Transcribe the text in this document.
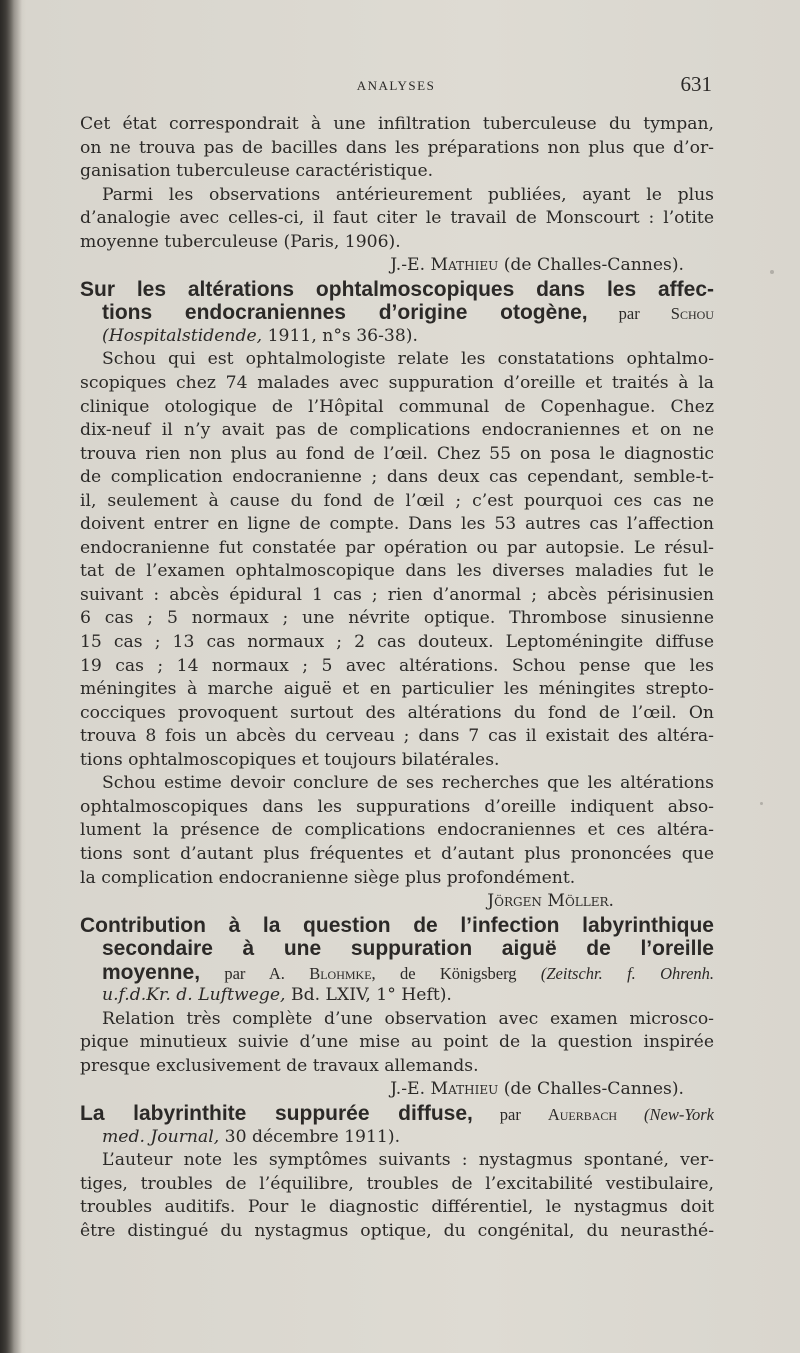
ANALYSES	631
Cet état correspondrait à une infiltration tuberculeuse du tympan,
on ne trouva pas de bacilles dans les préparations non plus que d’or-
ganisation tuberculeuse caractéristique.
Parmi les observations antérieurement publiées, ayant le plus
d’analogie avec celles-ci, il faut citer le travail de Monscourt : l’otite
moyenne tuberculeuse (Paris, 1906).
J.-E. Mathieu (de Challes-Cannes).
Sur les altérations ophtalmoscopiques dans les affec-
tions endocraniennes d’origine otogène, par Schou
(Hospitalstidende, 1911, n°s 36-38).
Schou qui est ophtalmologiste relate les constatations ophtalmo-
scopiques chez 74 malades avec suppuration d’oreille et traités à la
clinique otologique de l’Hôpital communal de Copenhague. Chez
dix-neuf il n’y avait pas de complications endocraniennes et on ne
trouva rien non plus au fond de l’œil. Chez 55 on posa le diagnostic
de complication endocranienne ; dans deux cas cependant, semble-t-
il, seulement à cause du fond de l’œil ; c’est pourquoi ces cas ne
doivent entrer en ligne de compte. Dans les 53 autres cas l’affection
endocranienne fut constatée par opération ou par autopsie. Le résul-
tat de l’examen ophtalmoscopique dans les diverses maladies fut le
suivant : abcès épidural 1 cas ; rien d’anormal ; abcès périsinusien
6 cas ; 5 normaux ; une névrite optique. Thrombose sinusienne
15 cas ; 13 cas normaux ; 2 cas douteux. Leptoméningite diffuse
19 cas ; 14 normaux ; 5 avec altérations. Schou pense que les
méningites à marche aiguë et en particulier les méningites strepto-
cocciques provoquent surtout des altérations du fond de l’œil. On
trouva 8 fois un abcès du cerveau ; dans 7 cas il existait des altéra-
tions ophtalmoscopiques et toujours bilatérales.
Schou estime devoir conclure de ses recherches que les altérations
ophtalmoscopiques dans les suppurations d’oreille indiquent abso-
lument la présence de complications endocraniennes et ces altéra-
tions sont d’autant plus fréquentes et d’autant plus prononcées que
la complication endocranienne siège plus profondément.
Jörgen Möller.
Contribution à la question de l’infection labyrinthique
secondaire à une suppuration aiguë de l’oreille
moyenne, par A. Blohmke, de Königsberg (Zeitschr. f. Ohrenh.
u.f.d.Kr. d. Luftwege, Bd. LXIV, 1° Heft).
Relation très complète d’une observation avec examen microsco-
pique minutieux suivie d’une mise au point de la question inspirée
presque exclusivement de travaux allemands.
J.-E. Mathieu (de Challes-Cannes).
La labyrinthite suppurée diffuse, par Auerbach (New-York
med. Journal, 30 décembre 1911).
L’auteur note les symptômes suivants : nystagmus spontané, ver-
tiges, troubles de l’équilibre, troubles de l’excitabilité vestibulaire,
troubles auditifs. Pour le diagnostic différentiel, le nystagmus doit
être distingué du nystagmus optique, du congénital, du neurasthé-
